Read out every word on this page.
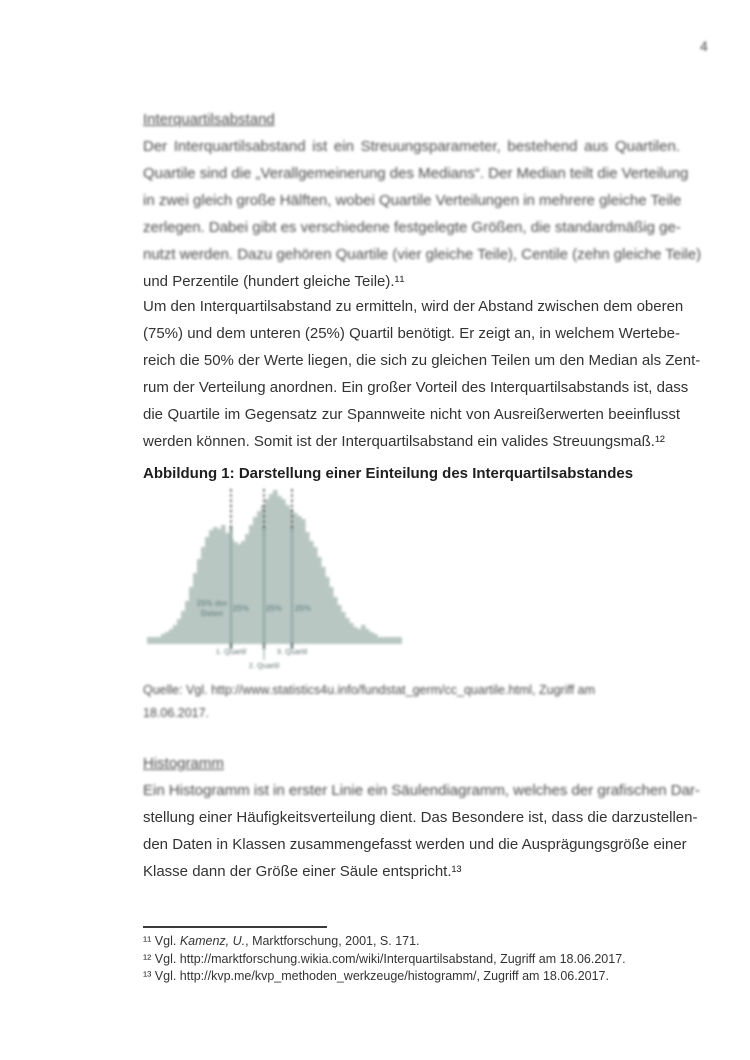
4
Interquartilsabstand
Der Interquartilsabstand ist ein Streuungsparameter, bestehend aus Quartilen.
Quartile sind die „Verallgemeinerung des Medians“. Der Median teilt die Verteilung
in zwei gleich große Hälften, wobei Quartile Verteilungen in mehrere gleiche Teile
zerlegen. Dabei gibt es verschiedene festgelegte Größen, die standardmäßig ge-
nutzt werden. Dazu gehören Quartile (vier gleiche Teile), Centile (zehn gleiche Teile)
und Perzentile (hundert gleiche Teile).¹¹
Um den Interquartilsabstand zu ermitteln, wird der Abstand zwischen dem oberen
(75%) und dem unteren (25%) Quartil benötigt. Er zeigt an, in welchem Wertebe-
reich die 50% der Werte liegen, die sich zu gleichen Teilen um den Median als Zent-
rum der Verteilung anordnen. Ein großer Vorteil des Interquartilsabstands ist, dass
die Quartile im Gegensatz zur Spannweite nicht von Ausreißerwerten beeinflusst
werden können. Somit ist der Interquartilsabstand ein valides Streuungsmaß.¹²
Abbildung 1: Darstellung einer Einteilung des Interquartilsabstandes
1. Quartil	3. Quartil
2. Quartil
25% der
Daten
25% 25% 25%
Quelle: Vgl. http://www.statistics4u.info/fundstat_germ/cc_quartile.html, Zugriff am
18.06.2017.
Histogramm
Ein Histogramm ist in erster Linie ein Säulendiagramm, welches der grafischen Dar-
stellung einer Häufigkeitsverteilung dient. Das Besondere ist, dass die darzustellen-
den Daten in Klassen zusammengefasst werden und die Ausprägungsgröße einer
Klasse dann der Größe einer Säule entspricht.¹³
¹¹ Vgl. Kamenz, U., Marktforschung, 2001, S. 171.
¹² Vgl. http://marktforschung.wikia.com/wiki/Interquartilsabstand, Zugriff am 18.06.2017.
¹³ Vgl. http://kvp.me/kvp_methoden_werkzeuge/histogramm/, Zugriff am 18.06.2017.
